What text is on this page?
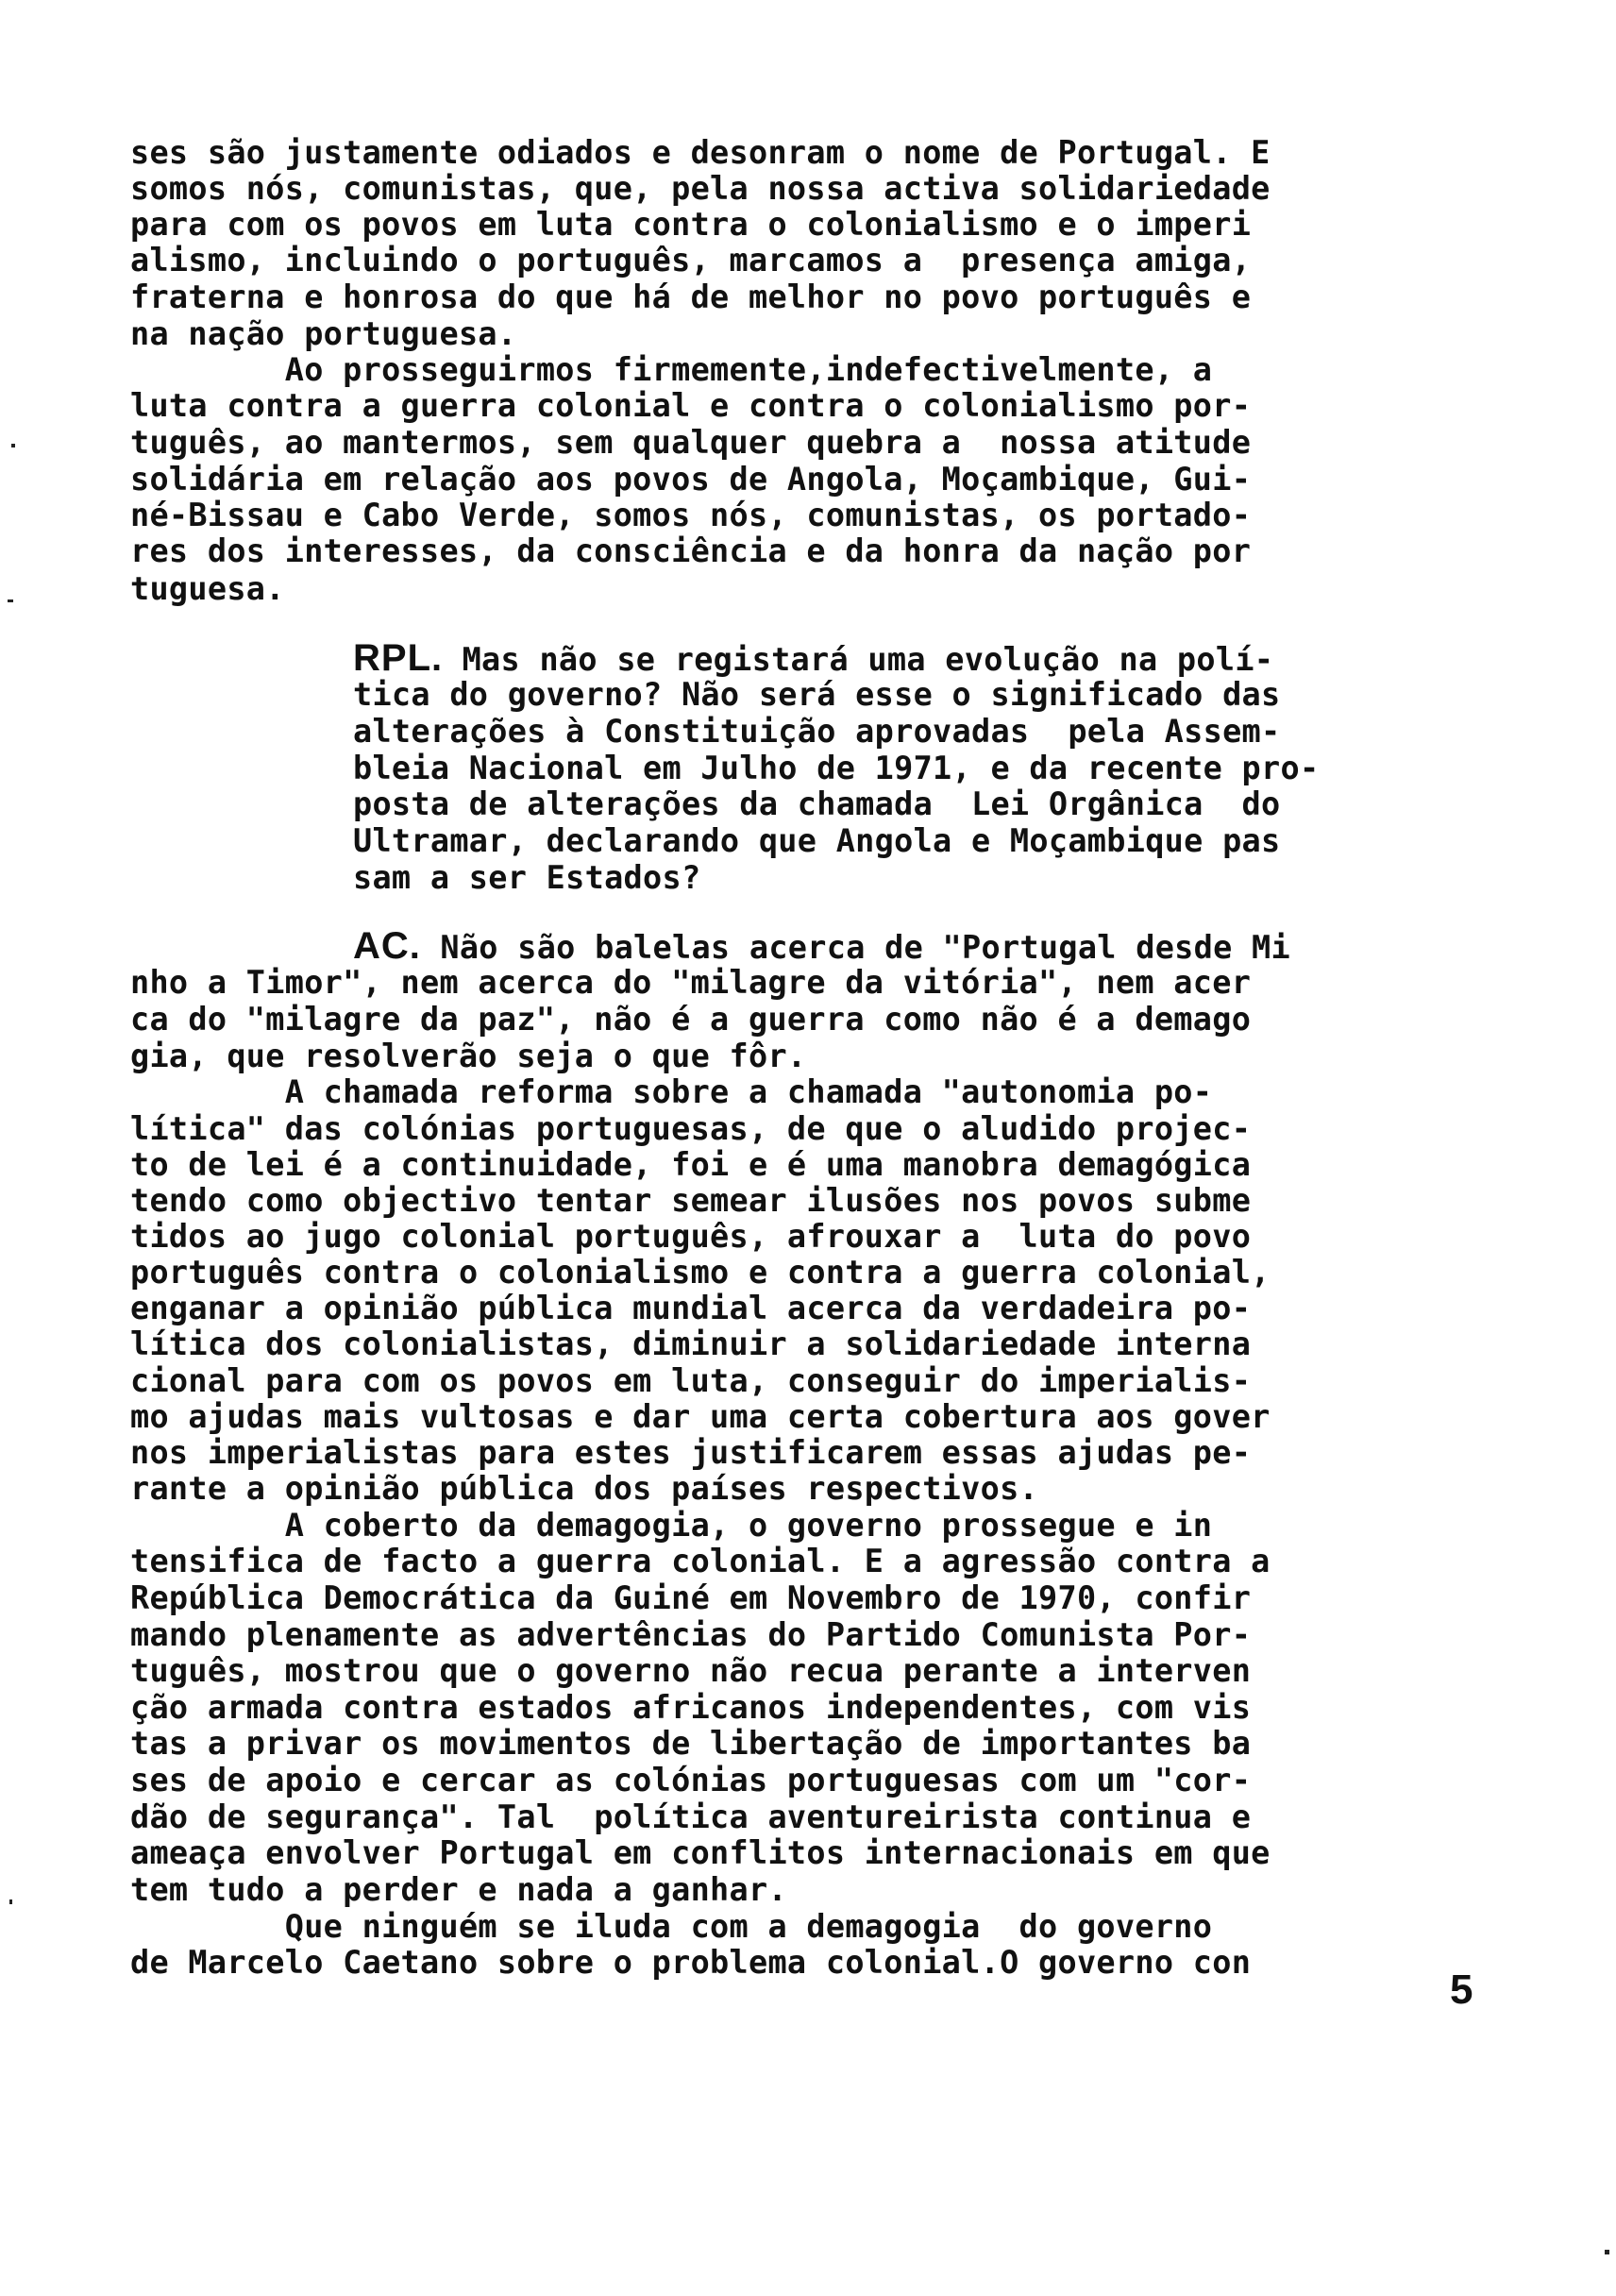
ses são justamente odiados e desonram o nome de Portugal. E
somos nós, comunistas, que, pela nossa activa solidariedade
para com os povos em luta contra o colonialismo e o imperi
alismo, incluindo o português, marcamos a  presença amiga,
fraterna e honrosa do que há de melhor no povo português e
na nação portuguesa.
Ao prosseguirmos firmemente,indefectivelmente, a
luta contra a guerra colonial e contra o colonialismo por-
tuguês, ao mantermos, sem qualquer quebra a  nossa atitude
solidária em relação aos povos de Angola, Moçambique, Gui-
né-Bissau e Cabo Verde, somos nós, comunistas, os portado-
res dos interesses, da consciência e da honra da nação por
tuguesa.
RPL. Mas não se registará uma evolução na polí-
tica do governo? Não será esse o significado das
alterações à Constituição aprovadas  pela Assem-
bleia Nacional em Julho de 1971, e da recente pro-
posta de alterações da chamada  Lei Orgânica  do
Ultramar, declarando que Angola e Moçambique pas
sam a ser Estados?
AC. Não são balelas acerca de "Portugal desde Mi
nho a Timor", nem acerca do "milagre da vitória", nem acer
ca do "milagre da paz", não é a guerra como não é a demago
gia, que resolverão seja o que fôr.
A chamada reforma sobre a chamada "autonomia po-
lítica" das colónias portuguesas, de que o aludido projec-
to de lei é a continuidade, foi e é uma manobra demagógica
tendo como objectivo tentar semear ilusões nos povos subme
tidos ao jugo colonial português, afrouxar a  luta do povo
português contra o colonialismo e contra a guerra colonial,
enganar a opinião pública mundial acerca da verdadeira po-
lítica dos colonialistas, diminuir a solidariedade interna
cional para com os povos em luta, conseguir do imperialis-
mo ajudas mais vultosas e dar uma certa cobertura aos gover
nos imperialistas para estes justificarem essas ajudas pe-
rante a opinião pública dos países respectivos.
A coberto da demagogia, o governo prossegue e in
tensifica de facto a guerra colonial. E a agressão contra a
República Democrática da Guiné em Novembro de 1970, confir
mando plenamente as advertências do Partido Comunista Por-
tuguês, mostrou que o governo não recua perante a interven
ção armada contra estados africanos independentes, com vis
tas a privar os movimentos de libertação de importantes ba
ses de apoio e cercar as colónias portuguesas com um "cor-
dão de segurança". Tal  política aventureirista continua e
ameaça envolver Portugal em conflitos internacionais em que
tem tudo a perder e nada a ganhar.
Que ninguém se iluda com a demagogia  do governo
de Marcelo Caetano sobre o problema colonial.O governo con
5
